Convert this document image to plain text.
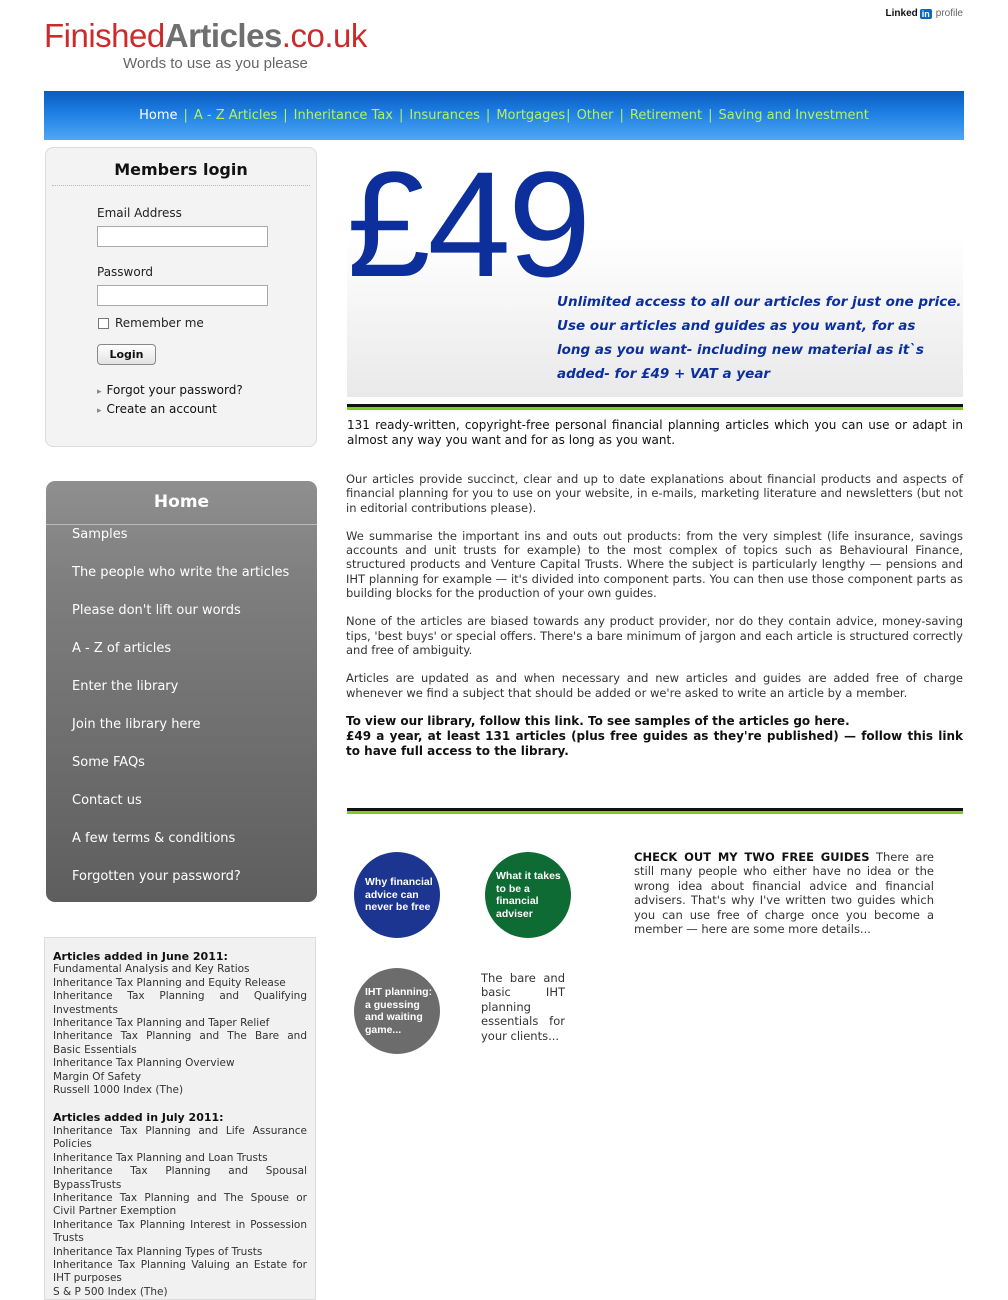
FinishedArticles.co.uk
Words to use as you please
Linked in profile
Home | A - Z Articles | Inheritance Tax | Insurances | Mortgages | Other | Retirement | Saving and Investment
Members login
Email Address
Password
Remember me
Login
▸ Forgot your password?
▸ Create an account
Home
Samples
The people who write the articles
Please don't lift our words
A - Z of articles
Enter the library
Join the library here
Some FAQs
Contact us
A few terms & conditions
Forgotten your password?
Articles added in June 2011:
Fundamental Analysis and Key Ratios
Inheritance Tax Planning and Equity Release
Inheritance Tax Planning and Qualifying Investments
Inheritance Tax Planning and Taper Relief
Inheritance Tax Planning and The Bare and Basic Essentials
Inheritance Tax Planning Overview
Margin Of Safety
Russell 1000 Index (The)
Articles added in July 2011:
Inheritance Tax Planning and Life Assurance Policies
Inheritance Tax Planning and Loan Trusts
Inheritance Tax Planning and Spousal BypassTrusts
Inheritance Tax Planning and The Spouse or Civil Partner Exemption
Inheritance Tax Planning Interest in Possession Trusts
Inheritance Tax Planning Types of Trusts
Inheritance Tax Planning Valuing an Estate for IHT purposes
S & P 500 Index (The)
£49
Unlimited access to all our articles for just one price.
Use our articles and guides as you want, for as
long as you want- including new material as it`s
added- for £49 + VAT a year
131 ready-written, copyright-free personal financial planning articles which you can use or adapt in almost any way you want and for as long as you want.

Our articles provide succinct, clear and up to date explanations about financial products and aspects of financial planning for you to use on your website, in e-mails, marketing literature and newsletters (but not in editorial contributions please).

We summarise the important ins and outs out products: from the very simplest (life insurance, savings accounts and unit trusts for example) to the most complex of topics such as Behavioural Finance, structured products and Venture Capital Trusts. Where the subject is particularly lengthy — pensions and IHT planning for example — it's divided into component parts. You can then use those component parts as building blocks for the production of your own guides.

None of the articles are biased towards any product provider, nor do they contain advice, money-saving tips, 'best buys' or special offers. There's a bare minimum of jargon and each article is structured correctly and free of ambiguity.

Articles are updated as and when necessary and new articles and guides are added free of charge whenever we find a subject that should be added or we're asked to write an article by a member.

To view our library, follow this link. To see samples of the articles go here.
£49 a year, at least 131 articles (plus free guides as they're published) — follow this link to have full access to the library.
Why financial advice can never be free
What it takes to be a financial adviser
IHT planning: a guessing and waiting game...
CHECK OUT MY TWO FREE GUIDES There are still many people who either have no idea or the wrong idea about financial advice and financial advisers. That's why I've written two guides which you can use free of charge once you become a member — here are some more details...
The bare and basic IHT planning essentials for your clients...
